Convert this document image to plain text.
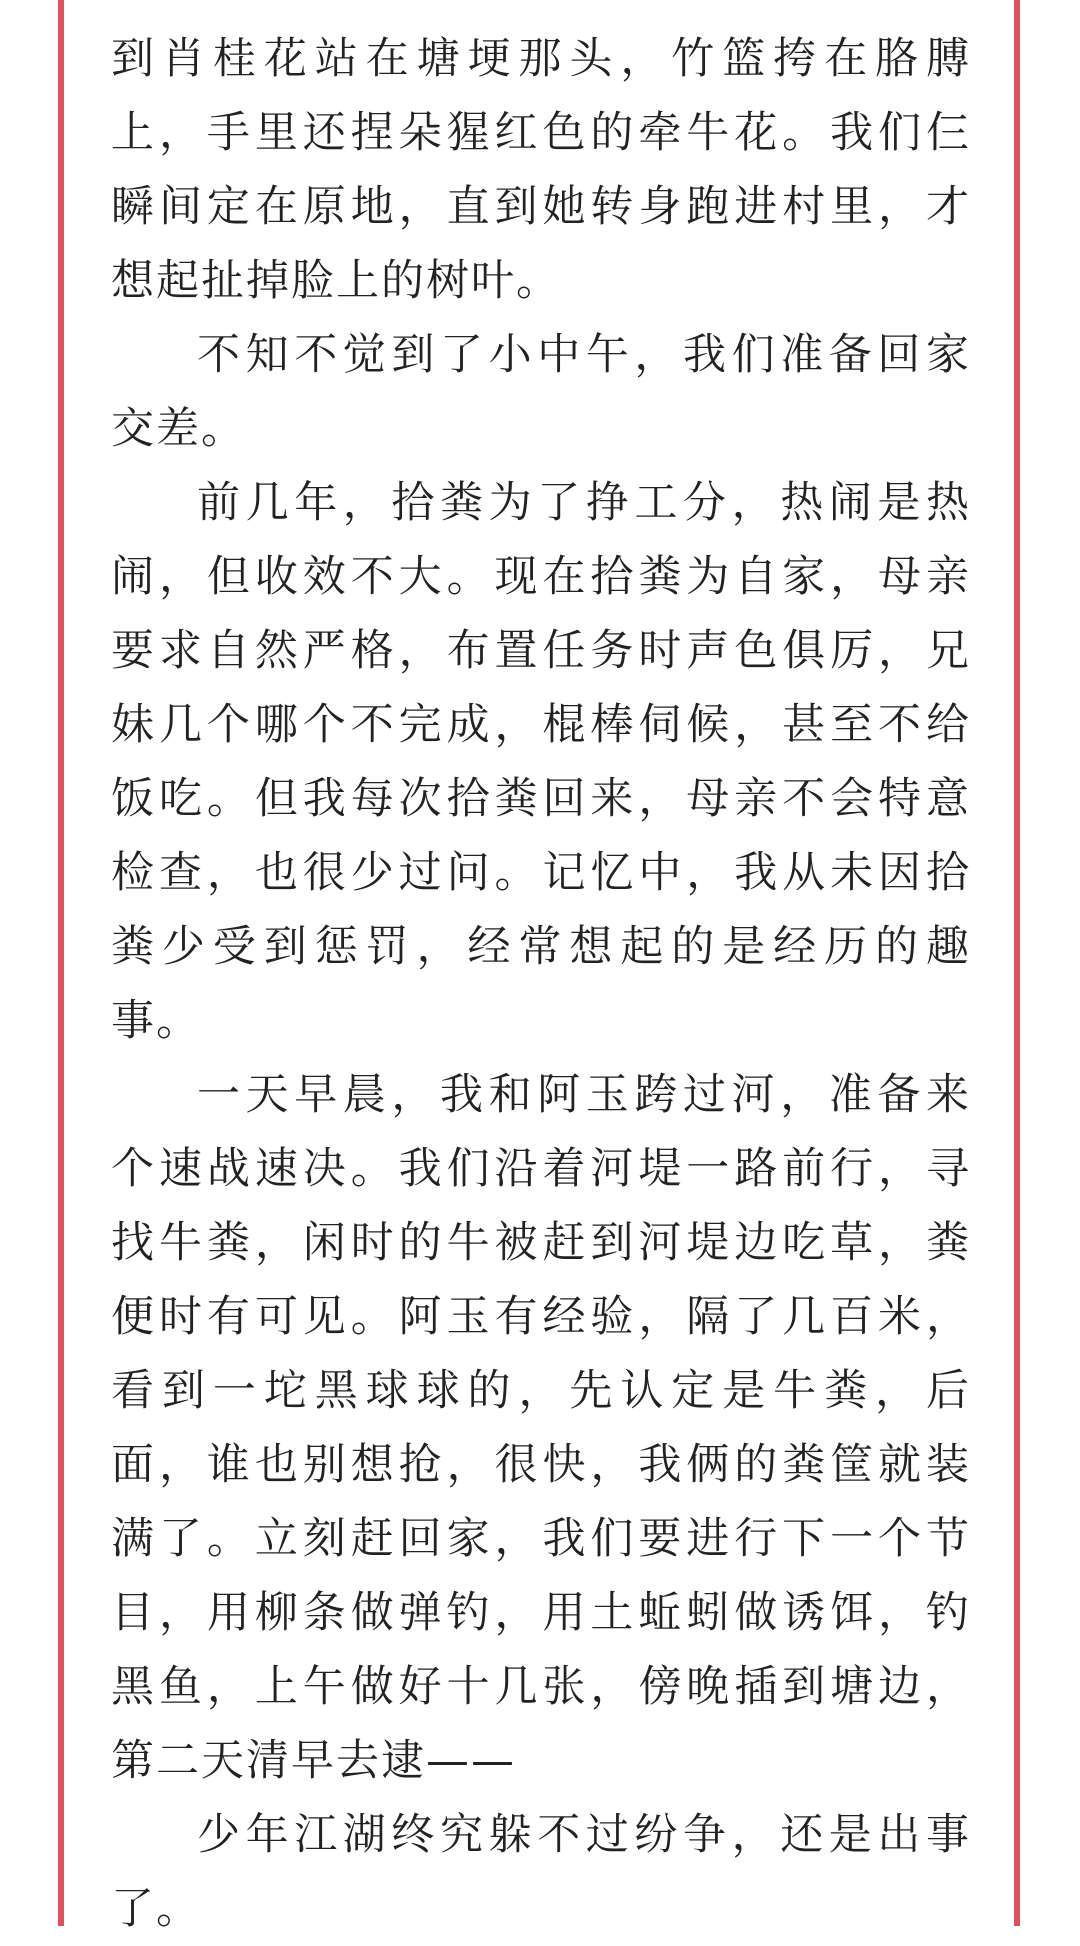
到肖桂花站在塘埂那头，竹篮挎在胳膊
上，手里还捏朵猩红色的牵牛花。我们仨
瞬间定在原地，直到她转身跑进村里，才
想起扯掉脸上的树叶。
不知不觉到了小中午，我们准备回家
交差。
前几年，拾粪为了挣工分，热闹是热
闹，但收效不大。现在拾粪为自家，母亲
要求自然严格，布置任务时声色俱厉，兄
妹几个哪个不完成，棍棒伺候，甚至不给
饭吃。但我每次拾粪回来，母亲不会特意
检查，也很少过问。记忆中，我从未因拾
粪少受到惩罚，经常想起的是经历的趣
事。
一天早晨，我和阿玉跨过河，准备来
个速战速决。我们沿着河堤一路前行，寻
找牛粪，闲时的牛被赶到河堤边吃草，粪
便时有可见。阿玉有经验，隔了几百米，
看到一坨黑球球的，先认定是牛粪，后
面，谁也别想抢，很快，我俩的粪筐就装
满了。立刻赶回家，我们要进行下一个节
目，用柳条做弹钓，用土蚯蚓做诱饵，钓
黑鱼，上午做好十几张，傍晚插到塘边，
第二天清早去逮——
少年江湖终究躲不过纷争，还是出事
了。
